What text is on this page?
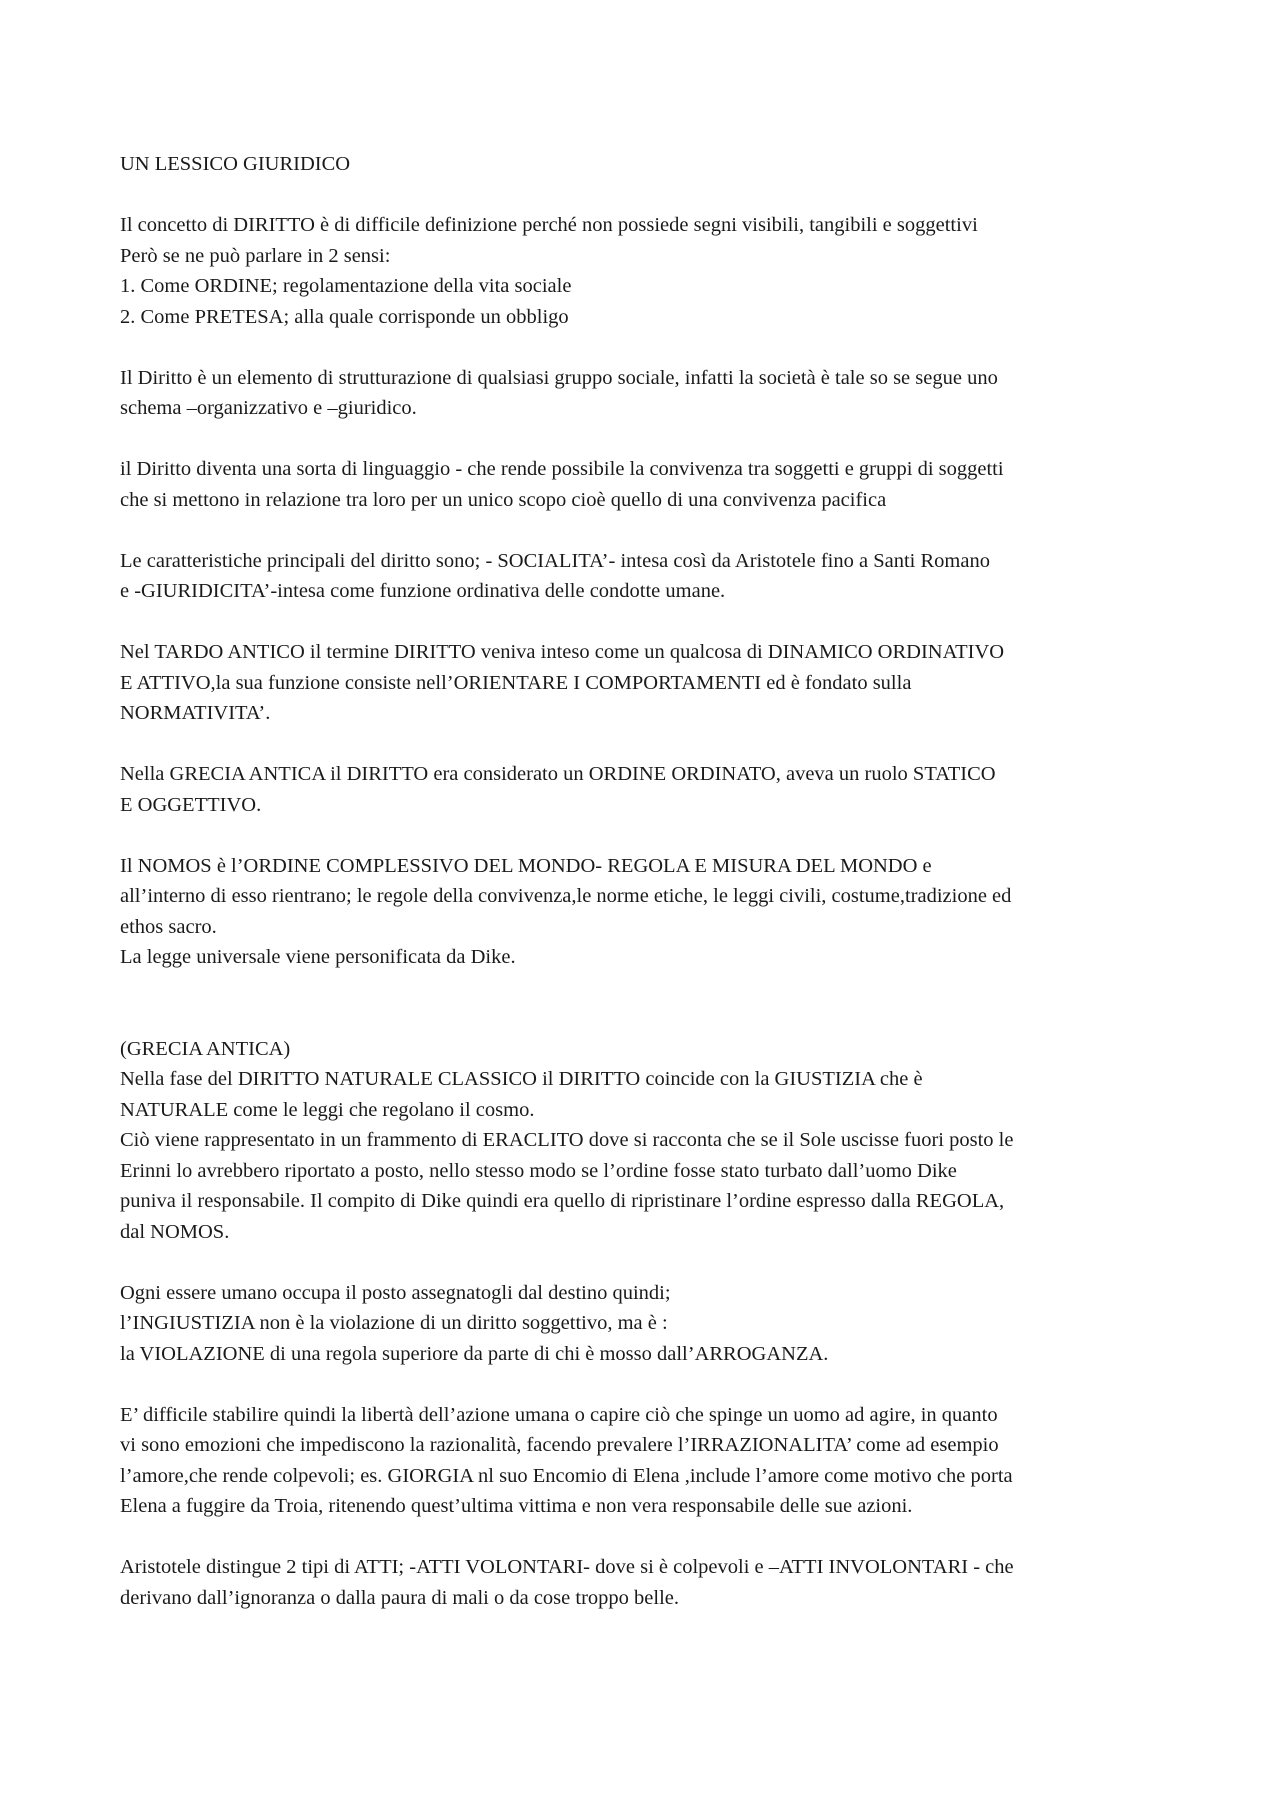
UN LESSICO GIURIDICO

Il concetto di DIRITTO è di difficile definizione perché non possiede segni visibili, tangibili e soggettivi
Però se ne può parlare in 2 sensi:
1. Come ORDINE; regolamentazione della vita sociale
2. Come PRETESA; alla quale corrisponde un obbligo

Il Diritto è un elemento di strutturazione di qualsiasi gruppo sociale, infatti la società è tale so se segue uno
schema –organizzativo e –giuridico.

il Diritto diventa una sorta di linguaggio - che rende possibile la convivenza tra soggetti e gruppi di soggetti
che si mettono in relazione tra loro per un unico scopo cioè quello di una convivenza pacifica

Le caratteristiche principali del diritto sono; - SOCIALITA’- intesa così da Aristotele fino a Santi Romano
e -GIURIDICITA’-intesa come funzione ordinativa delle condotte umane.

Nel TARDO ANTICO il termine DIRITTO veniva inteso come un qualcosa di DINAMICO ORDINATIVO
E ATTIVO,la sua funzione consiste nell’ORIENTARE I COMPORTAMENTI ed è fondato sulla
NORMATIVITA’.

Nella GRECIA ANTICA il DIRITTO era considerato un ORDINE ORDINATO, aveva un ruolo STATICO
E OGGETTIVO.

Il NOMOS è l’ORDINE COMPLESSIVO DEL MONDO- REGOLA E MISURA DEL MONDO e
all’interno di esso rientrano; le regole della convivenza,le norme etiche, le leggi civili, costume,tradizione ed
ethos sacro.
La legge universale viene personificata da Dike.

(GRECIA ANTICA)
Nella fase del DIRITTO NATURALE CLASSICO il DIRITTO coincide con la GIUSTIZIA che è
NATURALE come le leggi che regolano il cosmo.
Ciò viene rappresentato in un frammento di ERACLITO dove si racconta che se il Sole uscisse fuori posto le
Erinni lo avrebbero riportato a posto, nello stesso modo se l’ordine fosse stato turbato dall’uomo Dike
puniva il responsabile. Il compito di Dike quindi era quello di ripristinare l’ordine espresso dalla REGOLA,
dal NOMOS.

Ogni essere umano occupa il posto assegnatogli dal destino quindi;
l’INGIUSTIZIA non è la violazione di un diritto soggettivo, ma è :
la VIOLAZIONE di una regola superiore da parte di chi è mosso dall’ARROGANZA.

E’ difficile stabilire quindi la libertà dell’azione umana o capire ciò che spinge un uomo ad agire, in quanto
vi sono emozioni che impediscono la razionalità, facendo prevalere l’IRRAZIONALITA’ come ad esempio
l’amore,che rende colpevoli; es. GIORGIA nl suo Encomio di Elena ,include l’amore come motivo che porta
Elena a fuggire da Troia, ritenendo quest’ultima vittima e non vera responsabile delle sue azioni.

Aristotele distingue 2 tipi di ATTI; -ATTI VOLONTARI- dove si è colpevoli e –ATTI INVOLONTARI - che
derivano dall’ignoranza o dalla paura di mali o da cose troppo belle.
